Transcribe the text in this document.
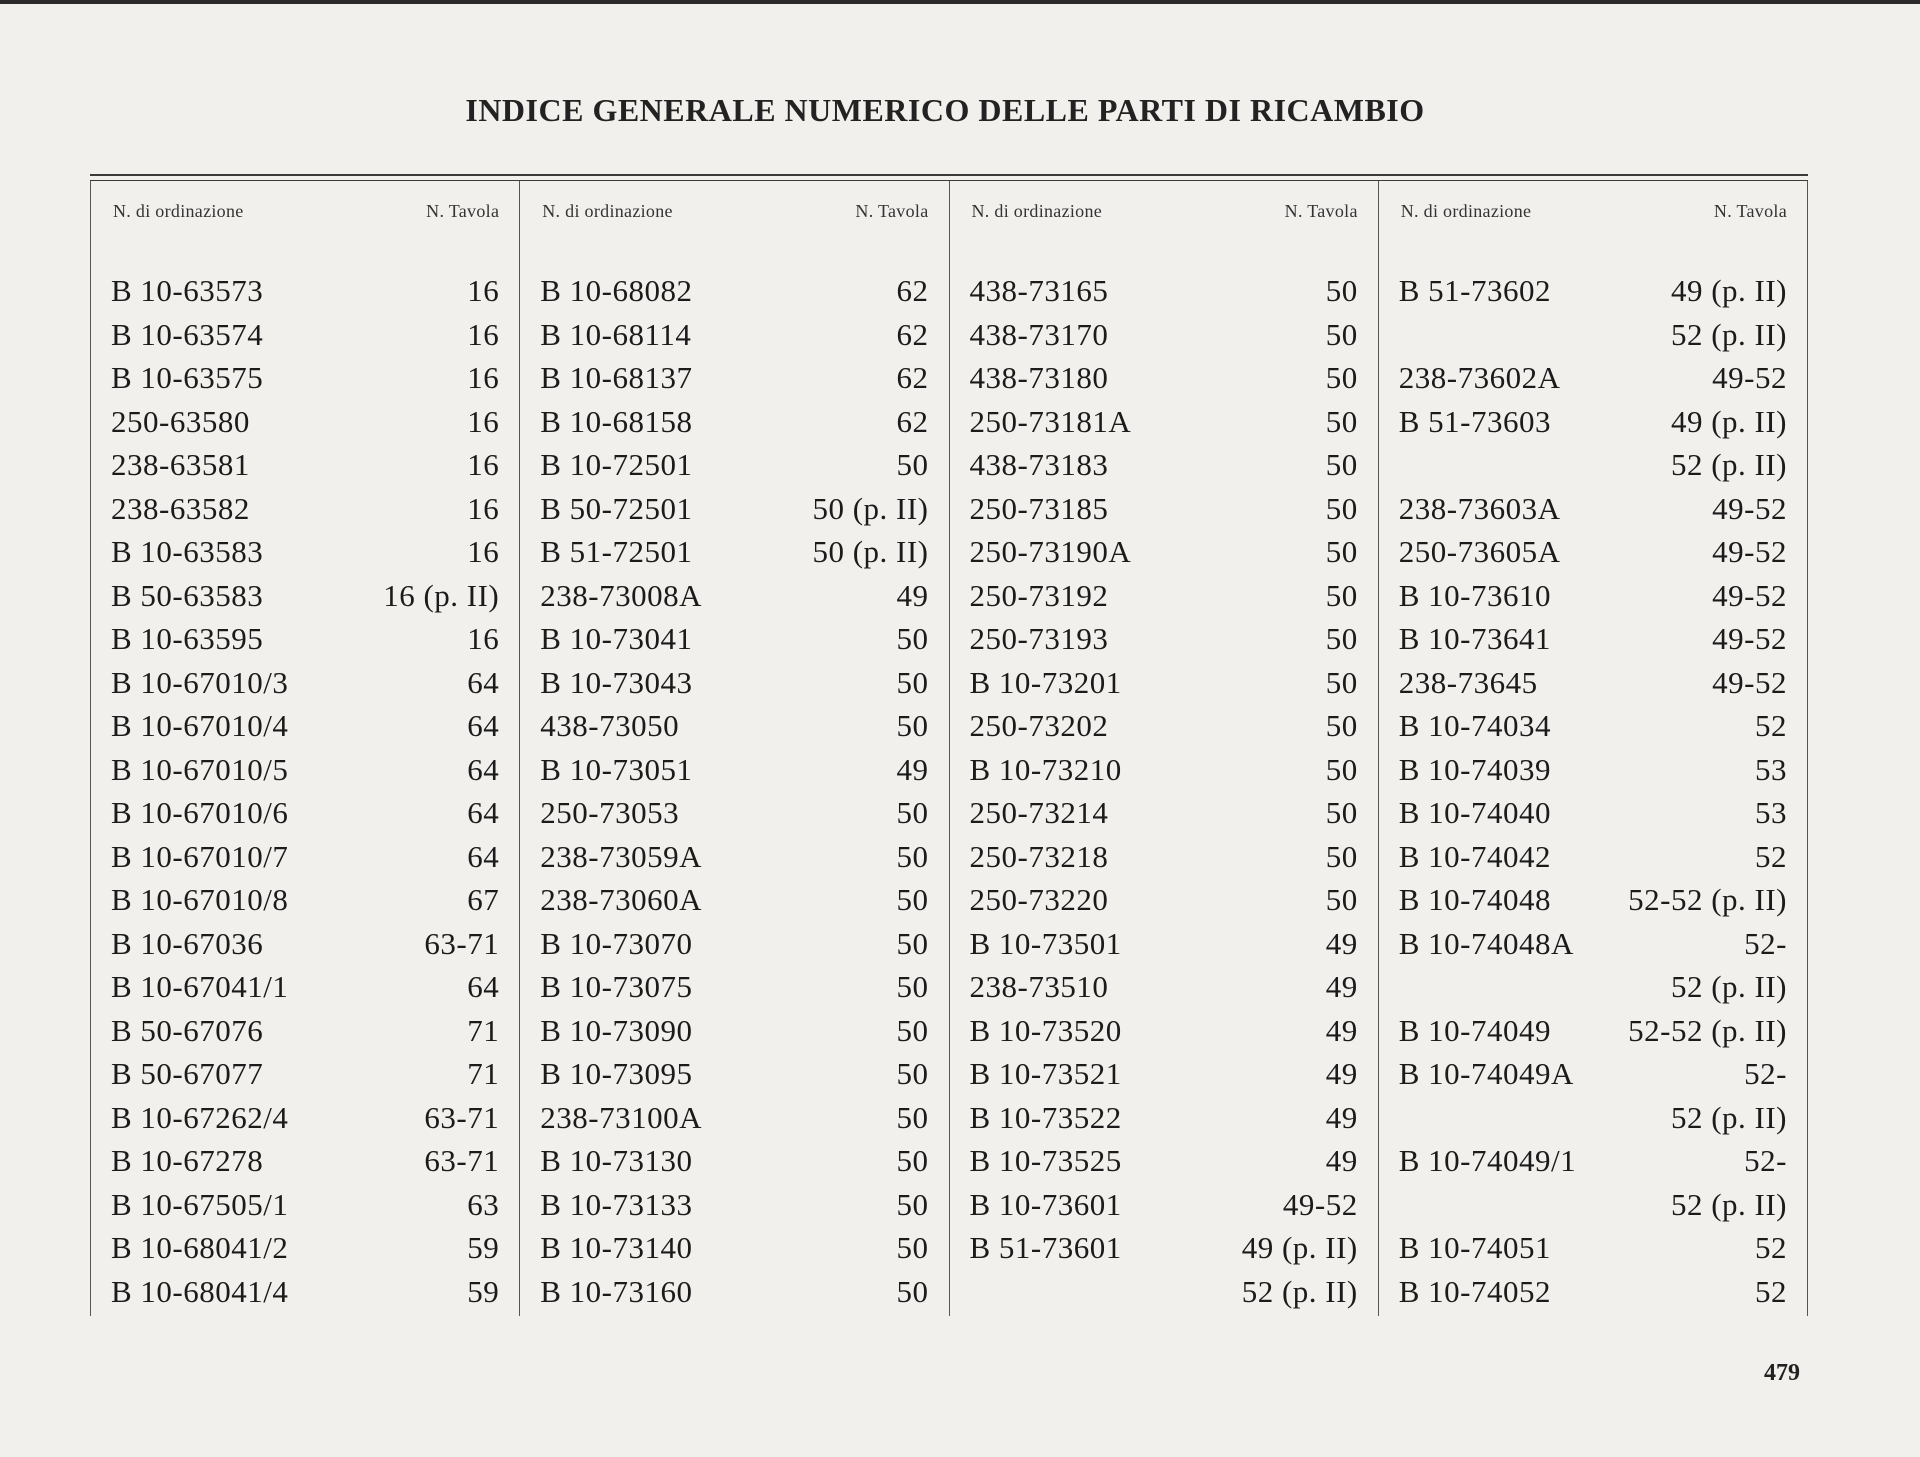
INDICE GENERALE NUMERICO DELLE PARTI DI RICAMBIO
N. di ordinazione	N. Tavola
B 10-63573	16
B 10-63574	16
B 10-63575	16
250-63580	16
238-63581	16
238-63582	16
B 10-63583	16
B 50-63583	16 (p. II)
B 10-63595	16
B 10-67010/3	64
B 10-67010/4	64
B 10-67010/5	64
B 10-67010/6	64
B 10-67010/7	64
B 10-67010/8	67
B 10-67036	63-71
B 10-67041/1	64
B 50-67076	71
B 50-67077	71
B 10-67262/4	63-71
B 10-67278	63-71
B 10-67505/1	63
B 10-68041/2	59
B 10-68041/4	59
N. di ordinazione	N. Tavola
B 10-68082	62
B 10-68114	62
B 10-68137	62
B 10-68158	62
B 10-72501	50
B 50-72501	50 (p. II)
B 51-72501	50 (p. II)
238-73008A	49
B 10-73041	50
B 10-73043	50
438-73050	50
B 10-73051	49
250-73053	50
238-73059A	50
238-73060A	50
B 10-73070	50
B 10-73075	50
B 10-73090	50
B 10-73095	50
238-73100A	50
B 10-73130	50
B 10-73133	50
B 10-73140	50
B 10-73160	50
N. di ordinazione	N. Tavola
438-73165	50
438-73170	50
438-73180	50
250-73181A	50
438-73183	50
250-73185	50
250-73190A	50
250-73192	50
250-73193	50
B 10-73201	50
250-73202	50
B 10-73210	50
250-73214	50
250-73218	50
250-73220	50
B 10-73501	49
238-73510	49
B 10-73520	49
B 10-73521	49
B 10-73522	49
B 10-73525	49
B 10-73601	49-52
B 51-73601	49 (p. II)
52 (p. II)
N. di ordinazione	N. Tavola
B 51-73602	49 (p. II)
52 (p. II)
238-73602A	49-52
B 51-73603	49 (p. II)
52 (p. II)
238-73603A	49-52
250-73605A	49-52
B 10-73610	49-52
B 10-73641	49-52
238-73645	49-52
B 10-74034	52
B 10-74039	53
B 10-74040	53
B 10-74042	52
B 10-74048 52-52 (p. II)
B 10-74048A	52-
52 (p. II)
B 10-74049 52-52 (p. II)
B 10-74049A	52-
52 (p. II)
B 10-74049/1	52-
52 (p. II)
B 10-74051	52
B 10-74052	52
479
